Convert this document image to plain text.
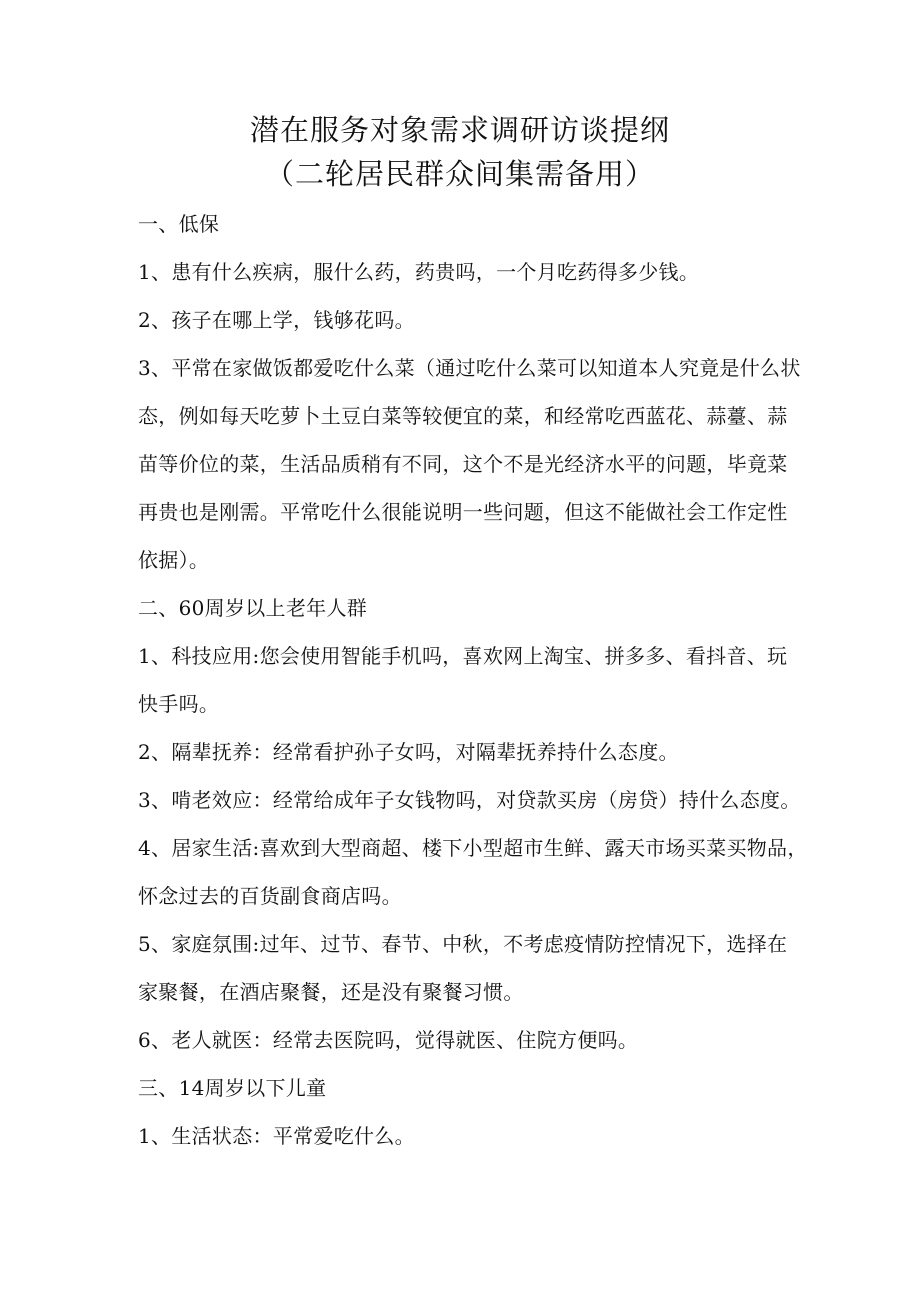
潜在服务对象需求调研访谈提纲
（二轮居民群众间集需备用）
一、低保
1、患有什么疾病，服什么药，药贵吗，一个月吃药得多少钱。
2、孩子在哪上学，钱够花吗。
3、平常在家做饭都爱吃什么菜（通过吃什么菜可以知道本人究竟是什么状
态，例如每天吃萝卜土豆白菜等较便宜的菜，和经常吃西蓝花、蒜薹、蒜
苗等价位的菜，生活品质稍有不同，这个不是光经济水平的问题，毕竟菜
再贵也是刚需。平常吃什么很能说明一些问题，但这不能做社会工作定性
依据）。
二、60周岁以上老年人群
1、科技应用:您会使用智能手机吗，喜欢网上淘宝、拼多多、看抖音、玩
快手吗。
2、隔辈抚养：经常看护孙子女吗，对隔辈抚养持什么态度。
3、啃老效应：经常给成年子女钱物吗，对贷款买房（房贷）持什么态度。
4、居家生活:喜欢到大型商超、楼下小型超市生鲜、露天市场买菜买物品，
怀念过去的百货副食商店吗。
5、家庭氛围:过年、过节、春节、中秋，不考虑疫情防控情况下，选择在
家聚餐，在酒店聚餐，还是没有聚餐习惯。
6、老人就医：经常去医院吗，觉得就医、住院方便吗。
三、14周岁以下儿童
1、生活状态：平常爱吃什么。
